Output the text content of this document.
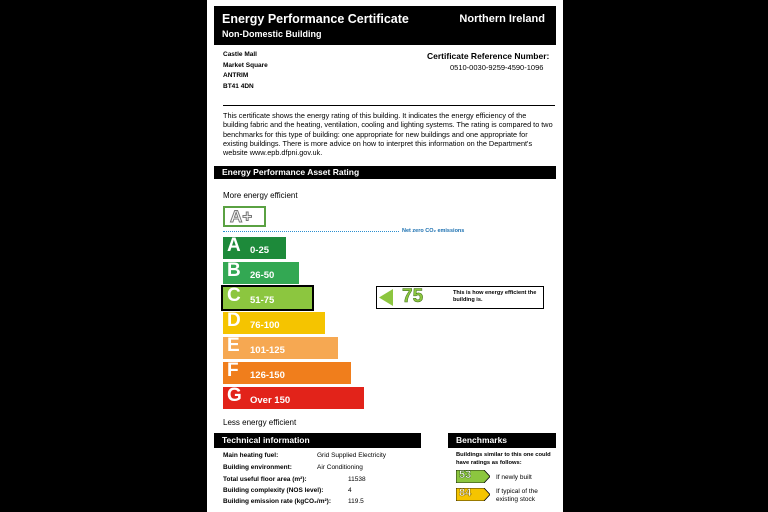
Energy Performance Certificate
Non-Domestic Building
Northern Ireland
Castle Mall
Market Square
ANTRIM
BT41 4DN
Certificate Reference Number:
0510-0030-9259-4590-1096
This certificate shows the energy rating of this building. It indicates the energy efficiency of the building fabric and the heating, ventilation, cooling and lighting systems. The rating is compared to two benchmarks for this type of building: one appropriate for new buildings and one appropriate for existing buildings. There is more advice on how to interpret this information on the Department's website www.epb.dfpni.gov.uk.
Energy Performance Asset Rating
More energy efficient
A+
Net zero CO₂ emissions
A 0-25
B 26-50
C 51-75
D 76-100
E 101-125
F 126-150
G Over 150
75	This is how energy efficient the building is.
Less energy efficient
Technical information
Main heating fuel:	Grid Supplied Electricity
Building environment:	Air Conditioning
Total useful floor area (m²):	11538
Building complexity (NOS level):	4
Building emission rate (kgCO₂/m²):	119.5
Benchmarks
Buildings similar to this one could have ratings as follows:
53	If newly built
84	If typical of the existing stock
